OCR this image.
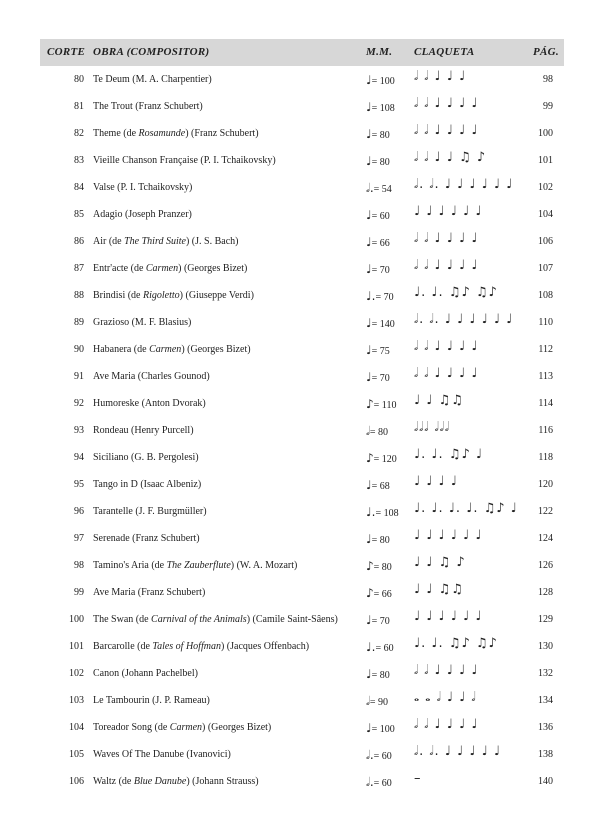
CORTE OBRA (COMPOSITOR)	M.M. CLAQUETA	PÁG.
80 Te Deum (M. A. Charpentier)	♩= 100 𝅗𝅥 𝅗𝅥 ♩ ♩ ♩	98
81 The Trout (Franz Schubert)	♩= 108 𝅗𝅥 𝅗𝅥 ♩ ♩ ♩ ♩	99
82 Theme (de Rosamunde) (Franz Schubert)	♩= 80 𝅗𝅥 𝅗𝅥 ♩ ♩ ♩ ♩	100
83 Vieille Chanson Française (P. I. Tchaikovsky)	♩= 80 𝅗𝅥 𝅗𝅥 ♩ ♩ ♫ ♪	101
84 Valse (P. I. Tchaikovsky)	𝅗𝅥.= 54 𝅗𝅥. 𝅗𝅥. ♩ ♩ ♩ ♩ ♩ ♩	102
85 Adagio (Joseph Pranzer)	♩= 60 ♩ ♩ ♩ ♩ ♩ ♩	104
86 Air (de The Third Suite) (J. S. Bach)	♩= 66 𝅗𝅥 𝅗𝅥 ♩ ♩ ♩ ♩	106
87 Entr'acte (de Carmen) (Georges Bizet)	♩= 70 𝅗𝅥 𝅗𝅥 ♩ ♩ ♩ ♩	107
88 Brindisi (de Rigoletto) (Giuseppe Verdi)	♩.= 70 ♩. ♩. ♫♪ ♫♪	108
89 Grazioso (M. F. Blasius)	♩= 140 𝅗𝅥. 𝅗𝅥. ♩ ♩ ♩ ♩ ♩ ♩	110
90 Habanera (de Carmen) (Georges Bizet)	♩= 75 𝅗𝅥 𝅗𝅥 ♩ ♩ ♩ ♩	112
91 Ave Maria (Charles Gounod)	♩= 70 𝅗𝅥 𝅗𝅥 ♩ ♩ ♩ ♩	113
92 Humoreske (Anton Dvorak)	♪= 110 ♩ ♩ ♫♫	114
93 Rondeau (Henry Purcell)	𝅗𝅥= 80 𝅗𝅥𝅗𝅥𝅗𝅥 𝅗𝅥𝅗𝅥𝅗𝅥	116
94 Siciliano (G. B. Pergolesi)	♪= 120 ♩. ♩. ♫♪ ♩	118
95 Tango in D (Isaac Albeniz)	♩= 68 ♩ ♩ ♩ ♩	120
96 Tarantelle (J. F. Burgmüller)	♩.= 108 ♩. ♩. ♩. ♩. ♫♪ ♩	122
97 Serenade (Franz Schubert)	♩= 80 ♩ ♩ ♩ ♩ ♩ ♩	124
98 Tamino's Aria (de The Zauberflute) (W. A. Mozart)	♪= 80 ♩ ♩ ♫ ♪	126
99 Ave Maria (Franz Schubert)	♪= 66 ♩ ♩ ♫♫	128
100 The Swan (de Carnival of the Animals) (Camile Saint-Sâens) ♩= 70 ♩ ♩ ♩ ♩ ♩ ♩	129
101 Barcarolle (de Tales of Hoffman) (Jacques Offenbach)	♩.= 60 ♩. ♩. ♫♪ ♫♪	130
102 Canon (Johann Pachelbel)	♩= 80 𝅗𝅥 𝅗𝅥 ♩ ♩ ♩ ♩	132
103 Le Tambourin (J. P. Rameau)	𝅗𝅥= 90 𝅝 𝅝 𝅗𝅥 ♩ ♩ 𝅗𝅥	134
104 Toreador Song (de Carmen) (Georges Bizet)	♩= 100 𝅗𝅥 𝅗𝅥 ♩ ♩ ♩ ♩	136
105 Waves Of The Danube (Ivanovici)	𝅗𝅥.= 60 𝅗𝅥. 𝅗𝅥. ♩ ♩ ♩ ♩ ♩	138
106 Waltz (de Blue Danube) (Johann Strauss)	𝅗𝅥.= 60 –	140
